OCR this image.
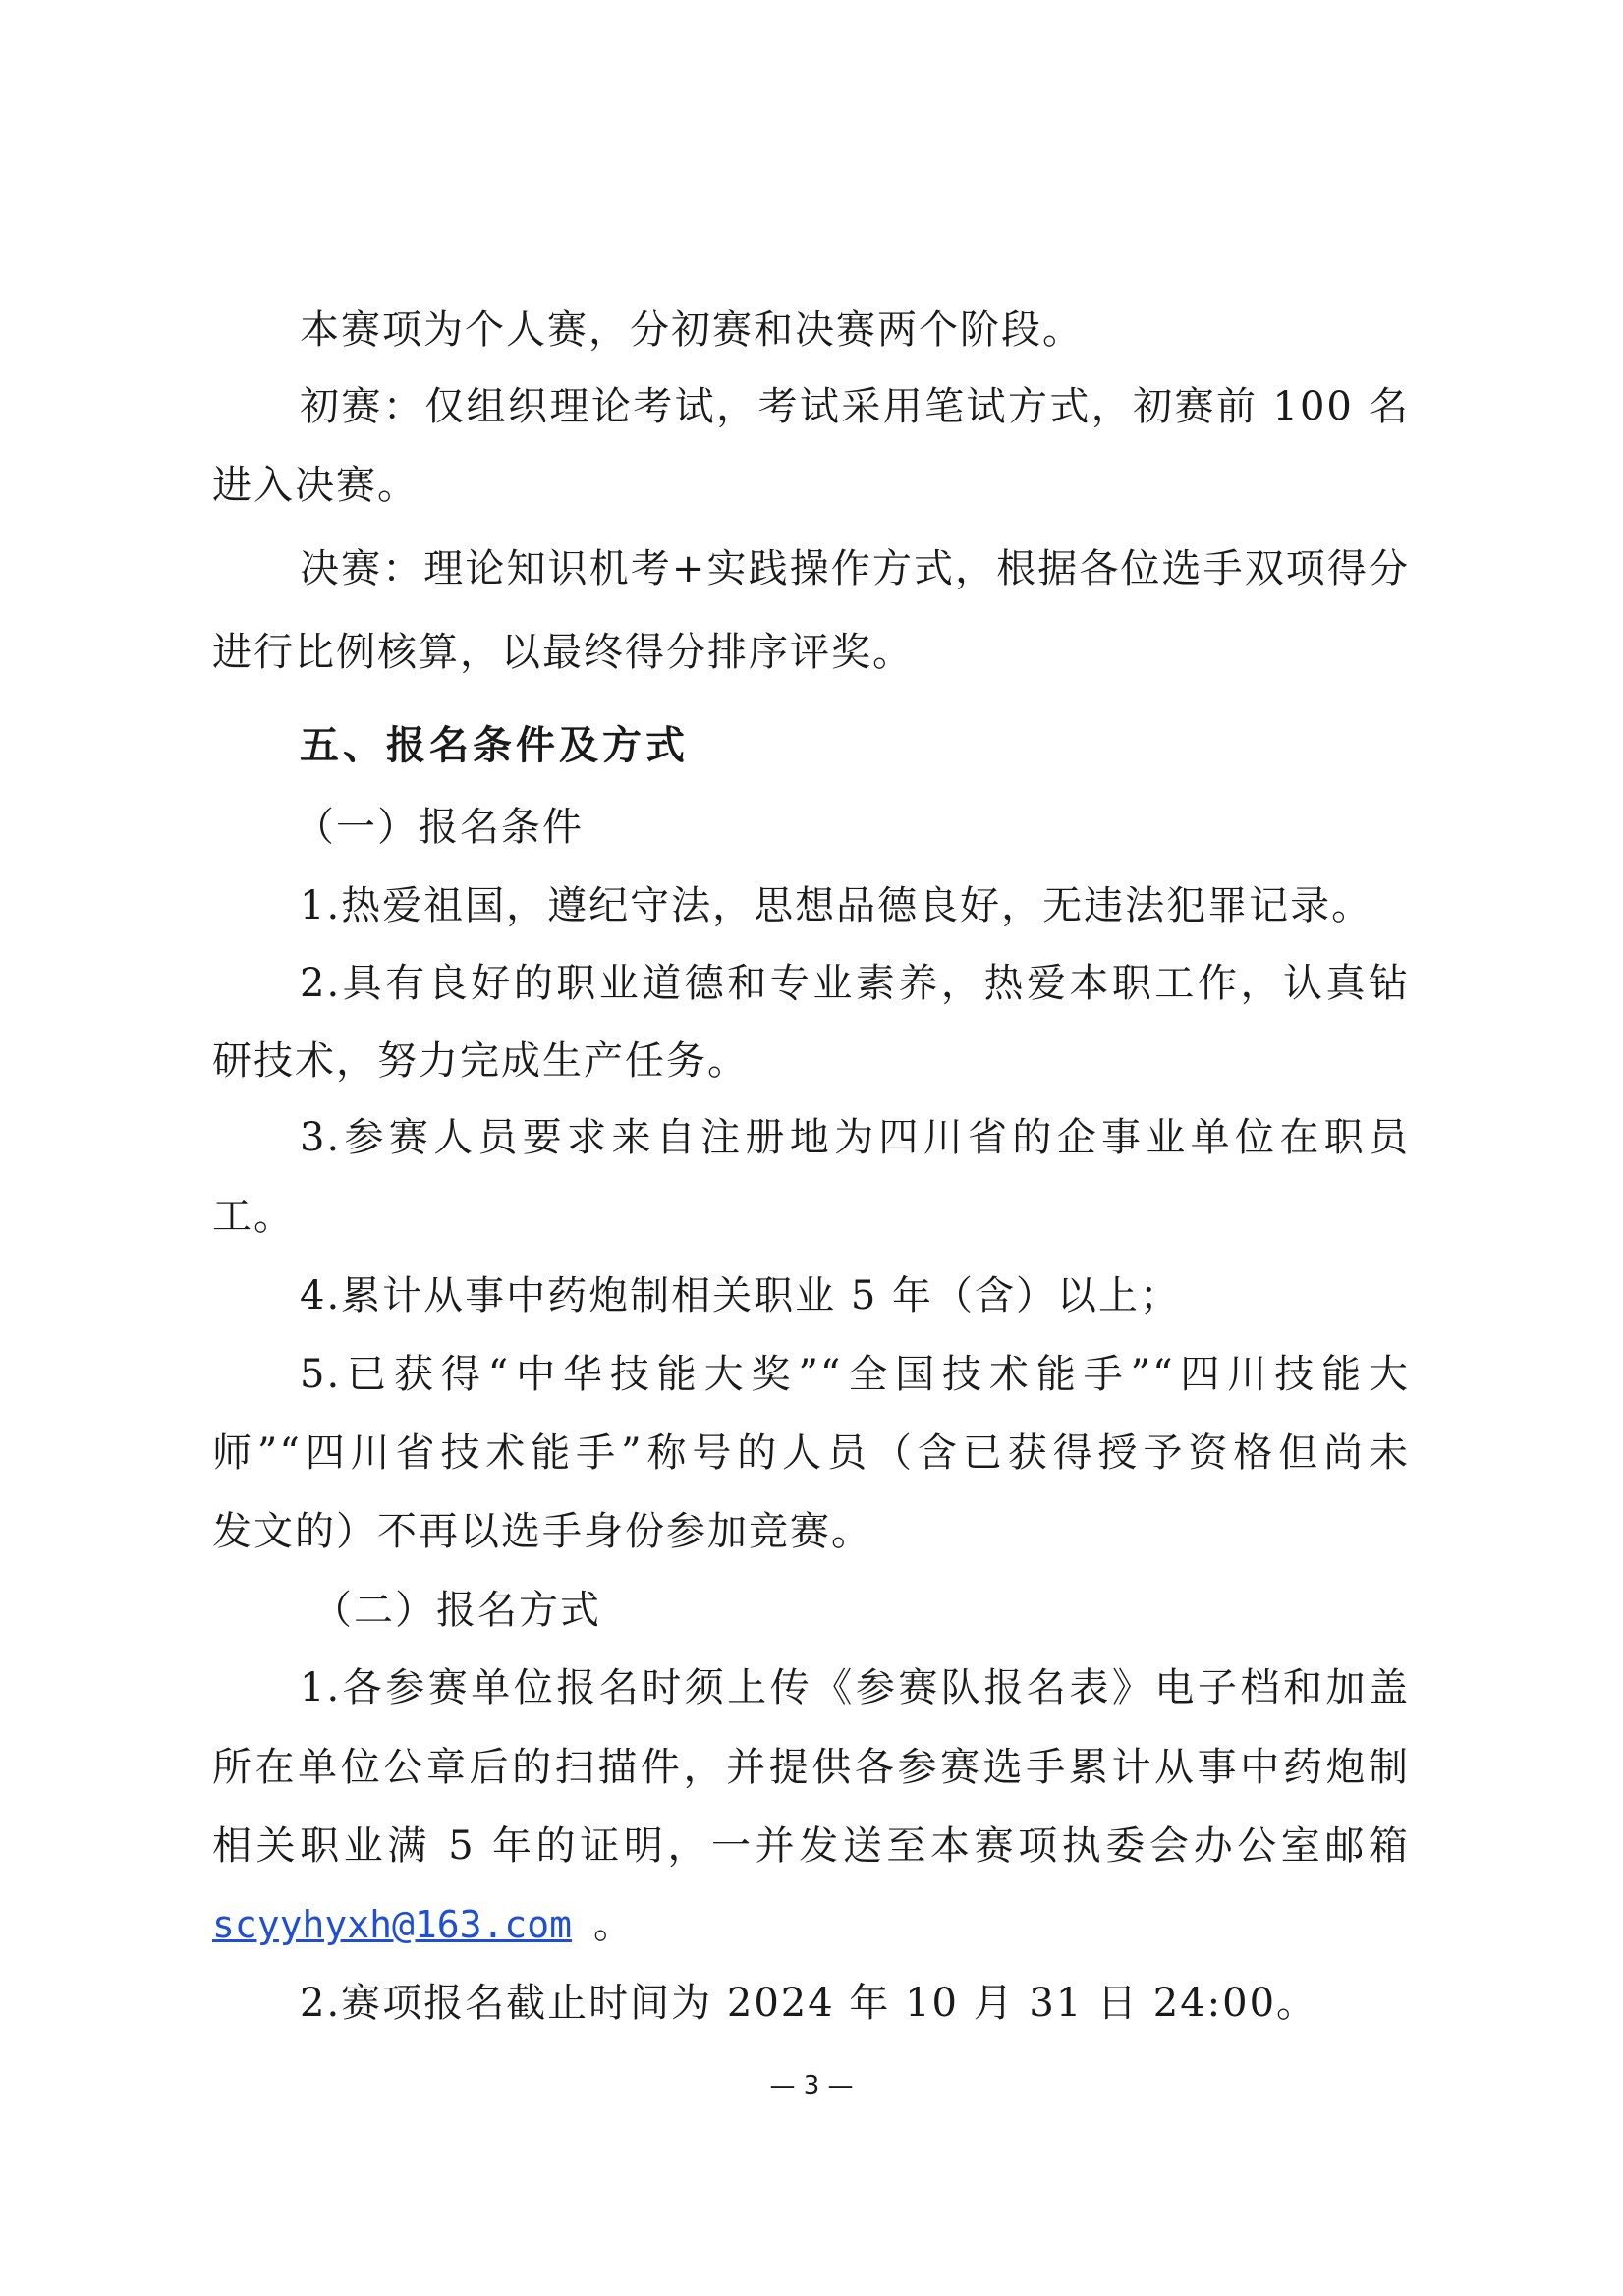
本赛项为个人赛，分初赛和决赛两个阶段。
初赛：仅组织理论考试，考试采用笔试方式，初赛前 100 名
进入决赛。
决赛：理论知识机考+实践操作方式，根据各位选手双项得分
进行比例核算，以最终得分排序评奖。
五、报名条件及方式
（一）报名条件
1.热爱祖国，遵纪守法，思想品德良好，无违法犯罪记录。
2.具有良好的职业道德和专业素养，热爱本职工作，认真钻
研技术，努力完成生产任务。
3.参赛人员要求来自注册地为四川省的企事业单位在职员
工。
4.累计从事中药炮制相关职业 5 年（含）以上；
5.已获得“中华技能大奖”“全国技术能手”“四川技能大
师”“四川省技术能手”称号的人员（含已获得授予资格但尚未
发文的）不再以选手身份参加竞赛。
（二）报名方式
1.各参赛单位报名时须上传《参赛队报名表》电子档和加盖
所在单位公章后的扫描件，并提供各参赛选手累计从事中药炮制
相关职业满 5 年的证明，一并发送至本赛项执委会办公室邮箱
scyyhyxh@163.com 。
2.赛项报名截止时间为 2024 年 10 月 31 日 24:00。
— 3 —
